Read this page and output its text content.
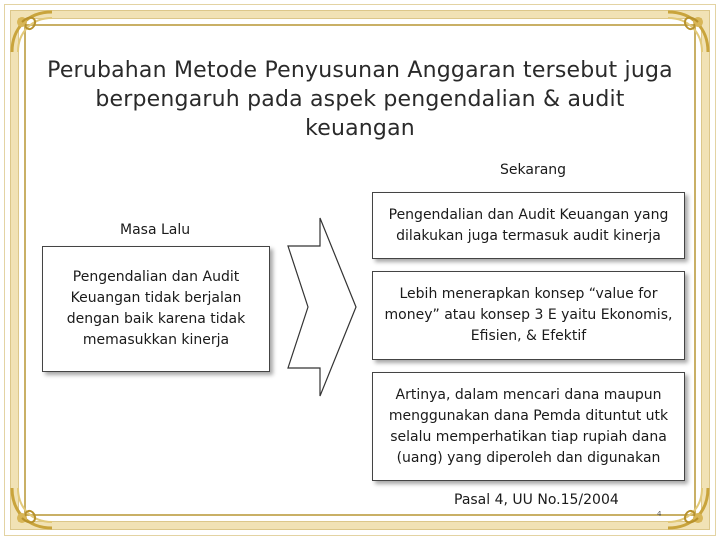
Perubahan Metode Penyusunan Anggaran tersebut juga berpengaruh pada aspek pengendalian & audit keuangan
Masa Lalu
Pengendalian dan Audit Keuangan tidak berjalan dengan baik karena tidak memasukkan kinerja
Sekarang
Pengendalian dan Audit Keuangan yang dilakukan juga termasuk audit kinerja
Lebih menerapkan konsep “value for money” atau konsep 3 E yaitu Ekonomis, Efisien, & Efektif
Artinya, dalam mencari dana maupun menggunakan dana Pemda dituntut utk selalu memperhatikan tiap rupiah dana (uang) yang diperoleh dan digunakan
Pasal 4, UU No.15/2004
4
